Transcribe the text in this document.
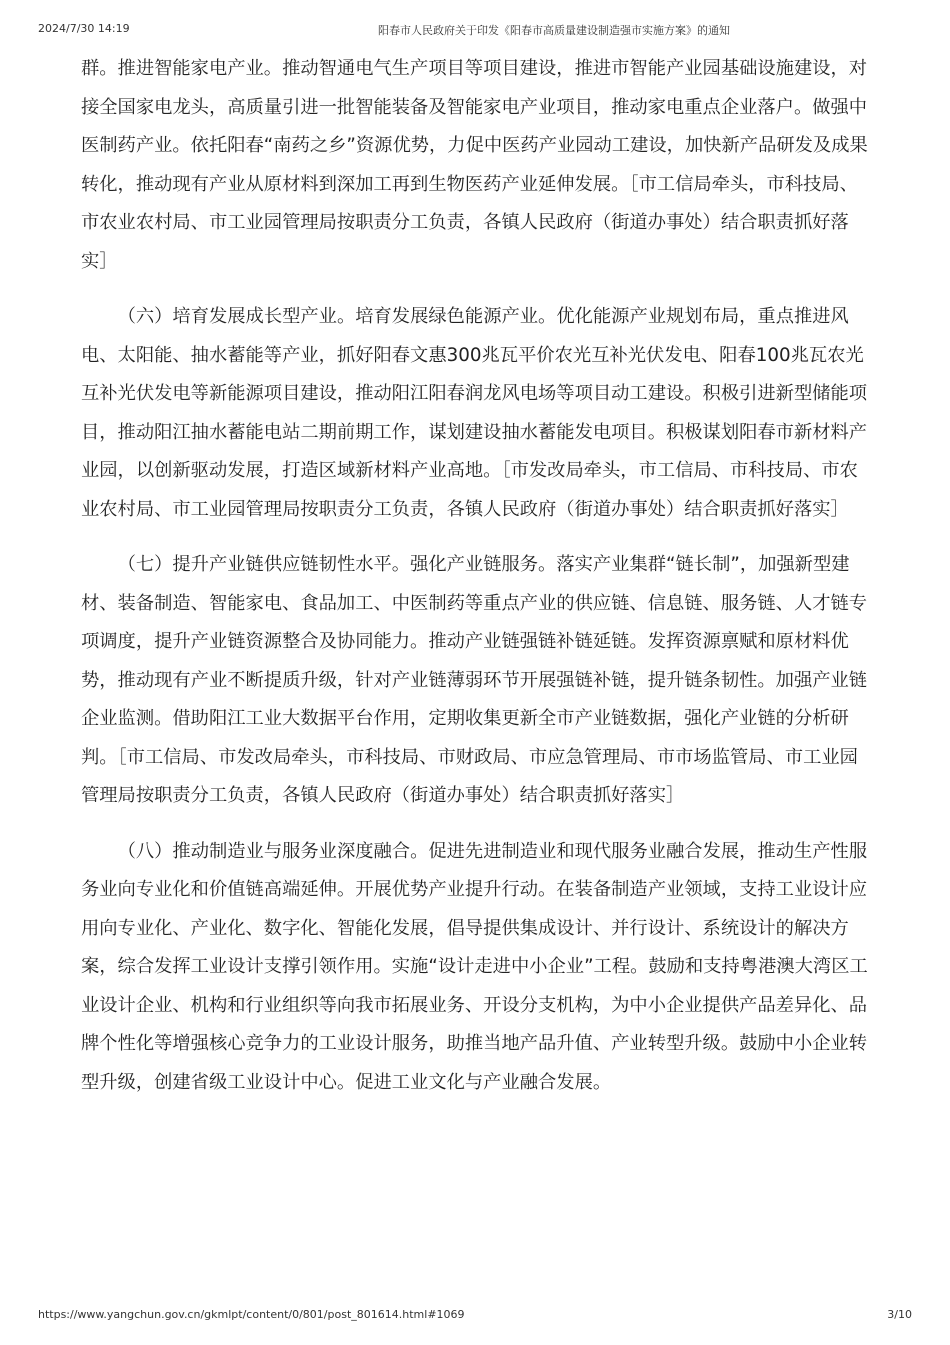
2024/7/30 14:19	阳春市人民政府关于印发《阳春市高质量建设制造强市实施方案》的通知

群。推进智能家电产业。推动智通电气生产项目等项目建设，推进市智能产业园基础设施建设，对接全国家电龙头，高质量引进一批智能装备及智能家电产业项目，推动家电重点企业落户。做强中医制药产业。依托阳春“南药之乡”资源优势，力促中医药产业园动工建设，加快新产品研发及成果转化，推动现有产业从原材料到深加工再到生物医药产业延伸发展。［市工信局牵头，市科技局、市农业农村局、市工业园管理局按职责分工负责，各镇人民政府（街道办事处）结合职责抓好落实］

（六）培育发展成长型产业。培育发展绿色能源产业。优化能源产业规划布局，重点推进风电、太阳能、抽水蓄能等产业，抓好阳春文惠300兆瓦平价农光互补光伏发电、阳春100兆瓦农光互补光伏发电等新能源项目建设，推动阳江阳春润龙风电场等项目动工建设。积极引进新型储能项目，推动阳江抽水蓄能电站二期前期工作，谋划建设抽水蓄能发电项目。积极谋划阳春市新材料产业园，以创新驱动发展，打造区域新材料产业高地。［市发改局牵头，市工信局、市科技局、市农业农村局、市工业园管理局按职责分工负责，各镇人民政府（街道办事处）结合职责抓好落实］

（七）提升产业链供应链韧性水平。强化产业链服务。落实产业集群“链长制”，加强新型建材、装备制造、智能家电、食品加工、中医制药等重点产业的供应链、信息链、服务链、人才链专项调度，提升产业链资源整合及协同能力。推动产业链强链补链延链。发挥资源禀赋和原材料优势，推动现有产业不断提质升级，针对产业链薄弱环节开展强链补链，提升链条韧性。加强产业链企业监测。借助阳江工业大数据平台作用，定期收集更新全市产业链数据，强化产业链的分析研判。［市工信局、市发改局牵头，市科技局、市财政局、市应急管理局、市市场监管局、市工业园管理局按职责分工负责，各镇人民政府（街道办事处）结合职责抓好落实］

（八）推动制造业与服务业深度融合。促进先进制造业和现代服务业融合发展，推动生产性服务业向专业化和价值链高端延伸。开展优势产业提升行动。在装备制造产业领域，支持工业设计应用向专业化、产业化、数字化、智能化发展，倡导提供集成设计、并行设计、系统设计的解决方案，综合发挥工业设计支撑引领作用。实施“设计走进中小企业”工程。鼓励和支持粤港澳大湾区工业设计企业、机构和行业组织等向我市拓展业务、开设分支机构，为中小企业提供产品差异化、品牌个性化等增强核心竞争力的工业设计服务，助推当地产品升值、产业转型升级。鼓励中小企业转型升级，创建省级工业设计中心。促进工业文化与产业融合发展。

https://www.yangchun.gov.cn/gkmlpt/content/0/801/post_801614.html#1069	3/10
